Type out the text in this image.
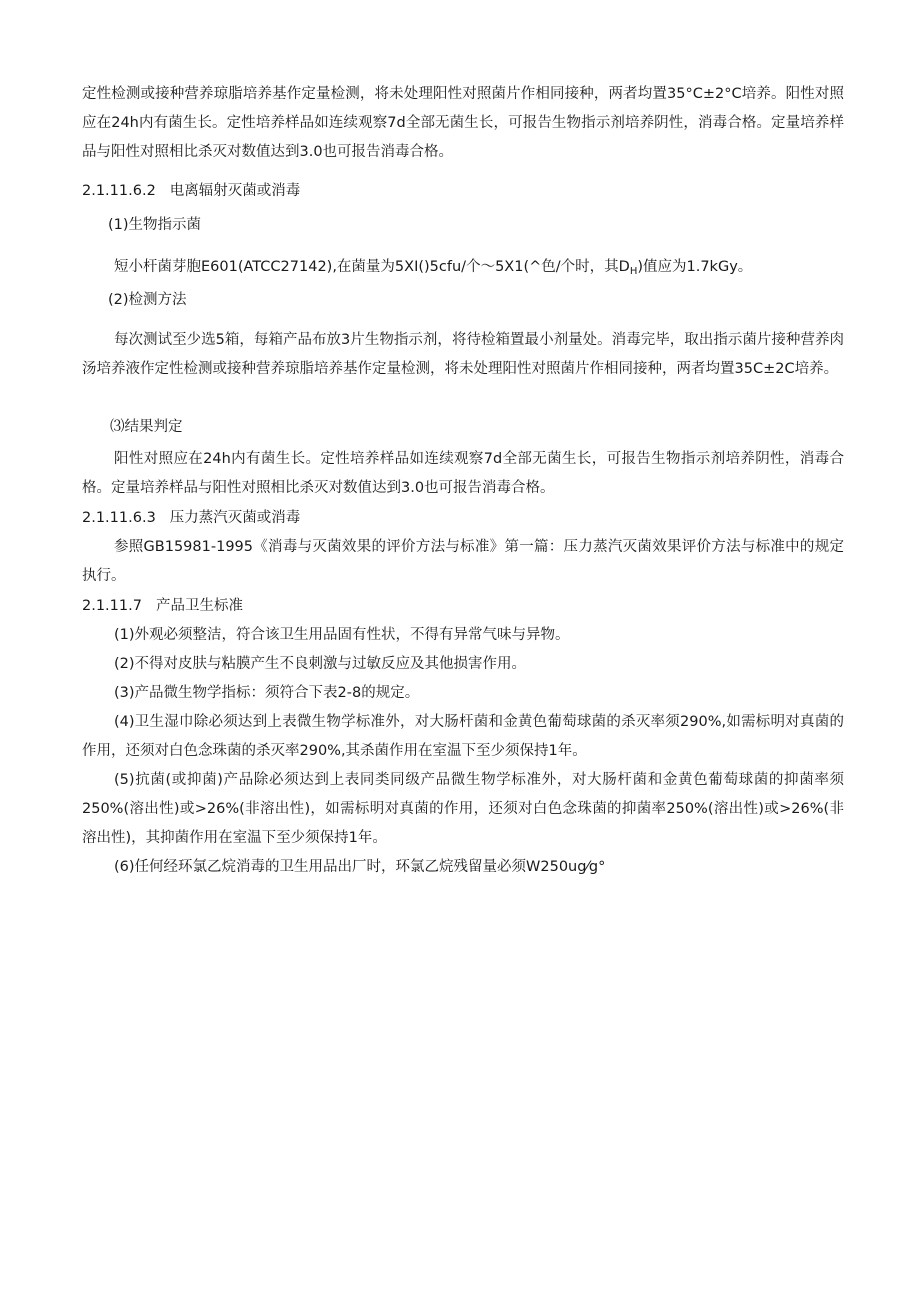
定性检测或接种营养琼脂培养基作定量检测，将未处理阳性对照菌片作相同接种，两者均置35°C±2°C培养。阳性对照应在24h内有菌生长。定性培养样品如连续观察7d全部无菌生长，可报告生物指示剂培养阴性，消毒合格。定量培养样品与阳性对照相比杀灭对数值达到3.0也可报告消毒合格。

2.1.11.6.2 电离辐射灭菌或消毒

(1)生物指示菌

短小杆菌芽胞E601(ATCC27142),在菌量为5XI()5cfu/个～5X1(^色/个时，其$D_H$)值应为1.7kGy。

(2)检测方法

每次测试至少选5箱，每箱产品布放3片生物指示剂，将待检箱置最小剂量处。消毒完毕，取出指示菌片接种营养肉汤培养液作定性检测或接种营养琼脂培养基作定量检测，将未处理阳性对照菌片作相同接种，两者均置35C±2C培养。

⑶结果判定

阳性对照应在24h内有菌生长。定性培养样品如连续观察7d全部无菌生长，可报告生物指示剂培养阴性，消毒合格。定量培养样品与阳性对照相比杀灭对数值达到3.0也可报告消毒合格。

2.1.11.6.3 压力蒸汽灭菌或消毒

参照GB15981-1995《消毒与灭菌效果的评价方法与标准》第一篇：压力蒸汽灭菌效果评价方法与标准中的规定执行。

2.1.11.7 产品卫生标准

(1)外观必须整洁，符合该卫生用品固有性状，不得有异常气味与异物。

(2)不得对皮肤与粘膜产生不良刺激与过敏反应及其他损害作用。

(3)产品微生物学指标：须符合下表2-8的规定。

(4)卫生湿巾除必须达到上表微生物学标准外，对大肠杆菌和金黄色葡萄球菌的杀灭率须290%,如需标明对真菌的作用，还须对白色念珠菌的杀灭率290%,其杀菌作用在室温下至少须保持1年。

(5)抗菌(或抑菌)产品除必须达到上表同类同级产品微生物学标准外，对大肠杆菌和金黄色葡萄球菌的抑菌率须250%(溶出性)或>26%(非溶出性)，如需标明对真菌的作用，还须对白色念珠菌的抑菌率250%(溶出性)或>26%(非溶出性)，其抑菌作用在室温下至少须保持1年。

(6)任何经环氯乙烷消毒的卫生用品出厂时，环氯乙烷残留量必须W250ug⁄g°
